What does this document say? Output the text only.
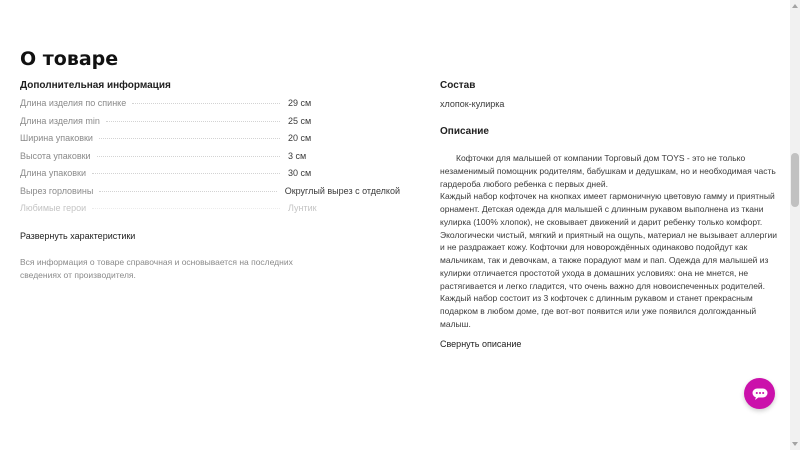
О товаре
Дополнительная информация
Длина изделия по спинке	29 см
Длина изделия min	25 см
Ширина упаковки	20 см
Высота упаковки	3 см
Длина упаковки	30 см
Вырез горловины	Округлый вырез с отделкой
Любимые герои	Лунтик
Развернуть характеристики
Вся информация о товаре справочная и основывается на последних сведениях от производителя.
Состав
хлопок-кулирка
Описание

Кофточки для малышей от компании Торговый дом TOYS - это не только незаменимый помощник родителям, бабушкам и дедушкам, но и необходимая часть гардероба любого ребенка с первых дней.

Каждый набор кофточек на кнопках имеет гармоничную цветовую гамму и приятный орнамент. Детская одежда для малышей с длинным рукавом выполнена из ткани кулирка (100% хлопок), не сковывает движений и дарит ребенку только комфорт. Экологически чистый, мягкий и приятный на ощупь, материал не вызывает аллергии и не раздражает кожу. Кофточки для новорождённых одинаково подойдут как мальчикам, так и девочкам, а также порадуют мам и пап. Одежда для малышей из кулирки отличается простотой ухода в домашних условиях: она не мнется, не растягивается и легко гладится, что очень важно для новоиспеченных родителей. Каждый набор состоит из 3 кофточек с длинным рукавом и станет прекрасным подарком в любом доме, где вот-вот появится или уже появился долгожданный малыш.

Свернуть описание
